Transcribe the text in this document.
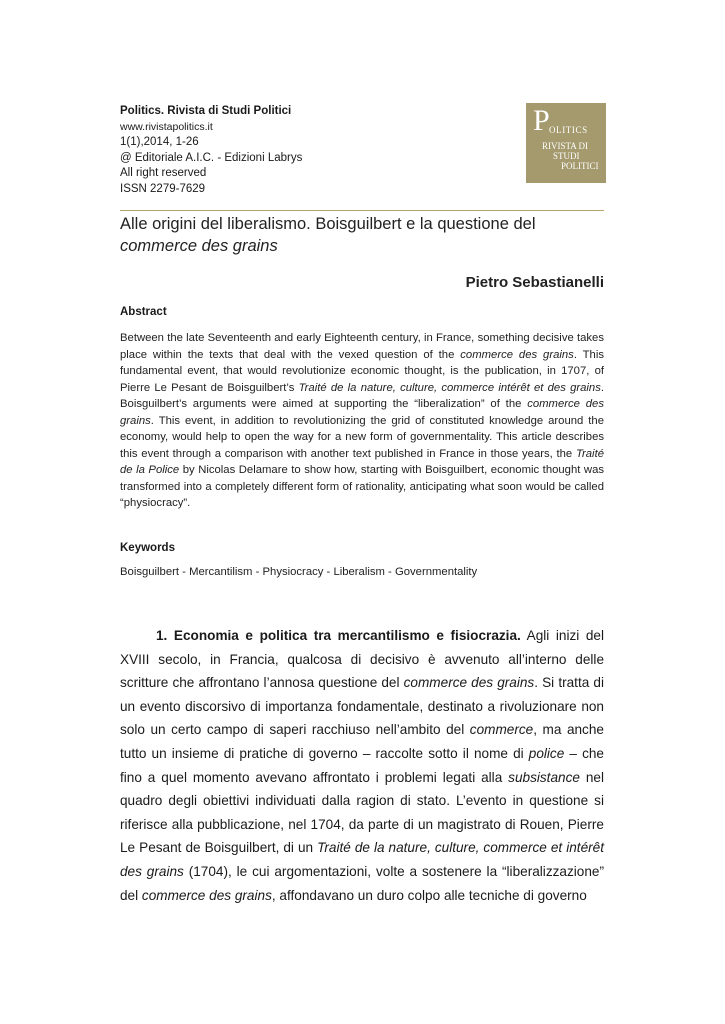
Politics. Rivista di Studi Politici
www.rivistapolitics.it
1(1),2014, 1-26
@ Editoriale A.I.C. - Edizioni Labrys
All right reserved
ISSN 2279-7629
P OLITICS
RIVISTA DI
STUDI
POLITICI
Alle origini del liberalismo. Boisguilbert e la questione del commerce des grains
Pietro Sebastianelli
Abstract
Between the late Seventeenth and early Eighteenth century, in France, something decisive takes place within the texts that deal with the vexed question of the commerce des grains. This fundamental event, that would revolutionize economic thought, is the publication, in 1707, of Pierre Le Pesant de Boisguilbert’s Traité de la nature, culture, commerce intérêt et des grains. Boisguilbert’s arguments were aimed at supporting the “liberalization” of the commerce des grains. This event, in addition to revolutionizing the grid of constituted knowledge around the economy, would help to open the way for a new form of governmentality. This article describes this event through a comparison with another text published in France in those years, the Traité de la Police by Nicolas Delamare to show how, starting with Boisguilbert, economic thought was transformed into a completely different form of rationality, anticipating what soon would be called “physiocracy”.
Keywords
Boisguilbert - Mercantilism - Physiocracy - Liberalism - Governmentality
1. Economia e politica tra mercantilismo e fisiocrazia. Agli inizi del XVIII secolo, in Francia, qualcosa di decisivo è avvenuto all’interno delle scritture che affrontano l’annosa questione del commerce des grains. Si tratta di un evento discorsivo di importanza fondamentale, destinato a rivoluzionare non solo un certo campo di saperi racchiuso nell’ambito del commerce, ma anche tutto un insieme di pratiche di governo – raccolte sotto il nome di police – che fino a quel momento avevano affrontato i problemi legati alla subsistance nel quadro degli obiettivi individuati dalla ragion di stato. L’evento in questione si riferisce alla pubblicazione, nel 1704, da parte di un magistrato di Rouen, Pierre Le Pesant de Boisguilbert, di un Traité de la nature, culture, commerce et intérêt des grains (1704), le cui argomentazioni, volte a sostenere la “liberalizzazione” del commerce des grains, affondavano un duro colpo alle tecniche di governo
